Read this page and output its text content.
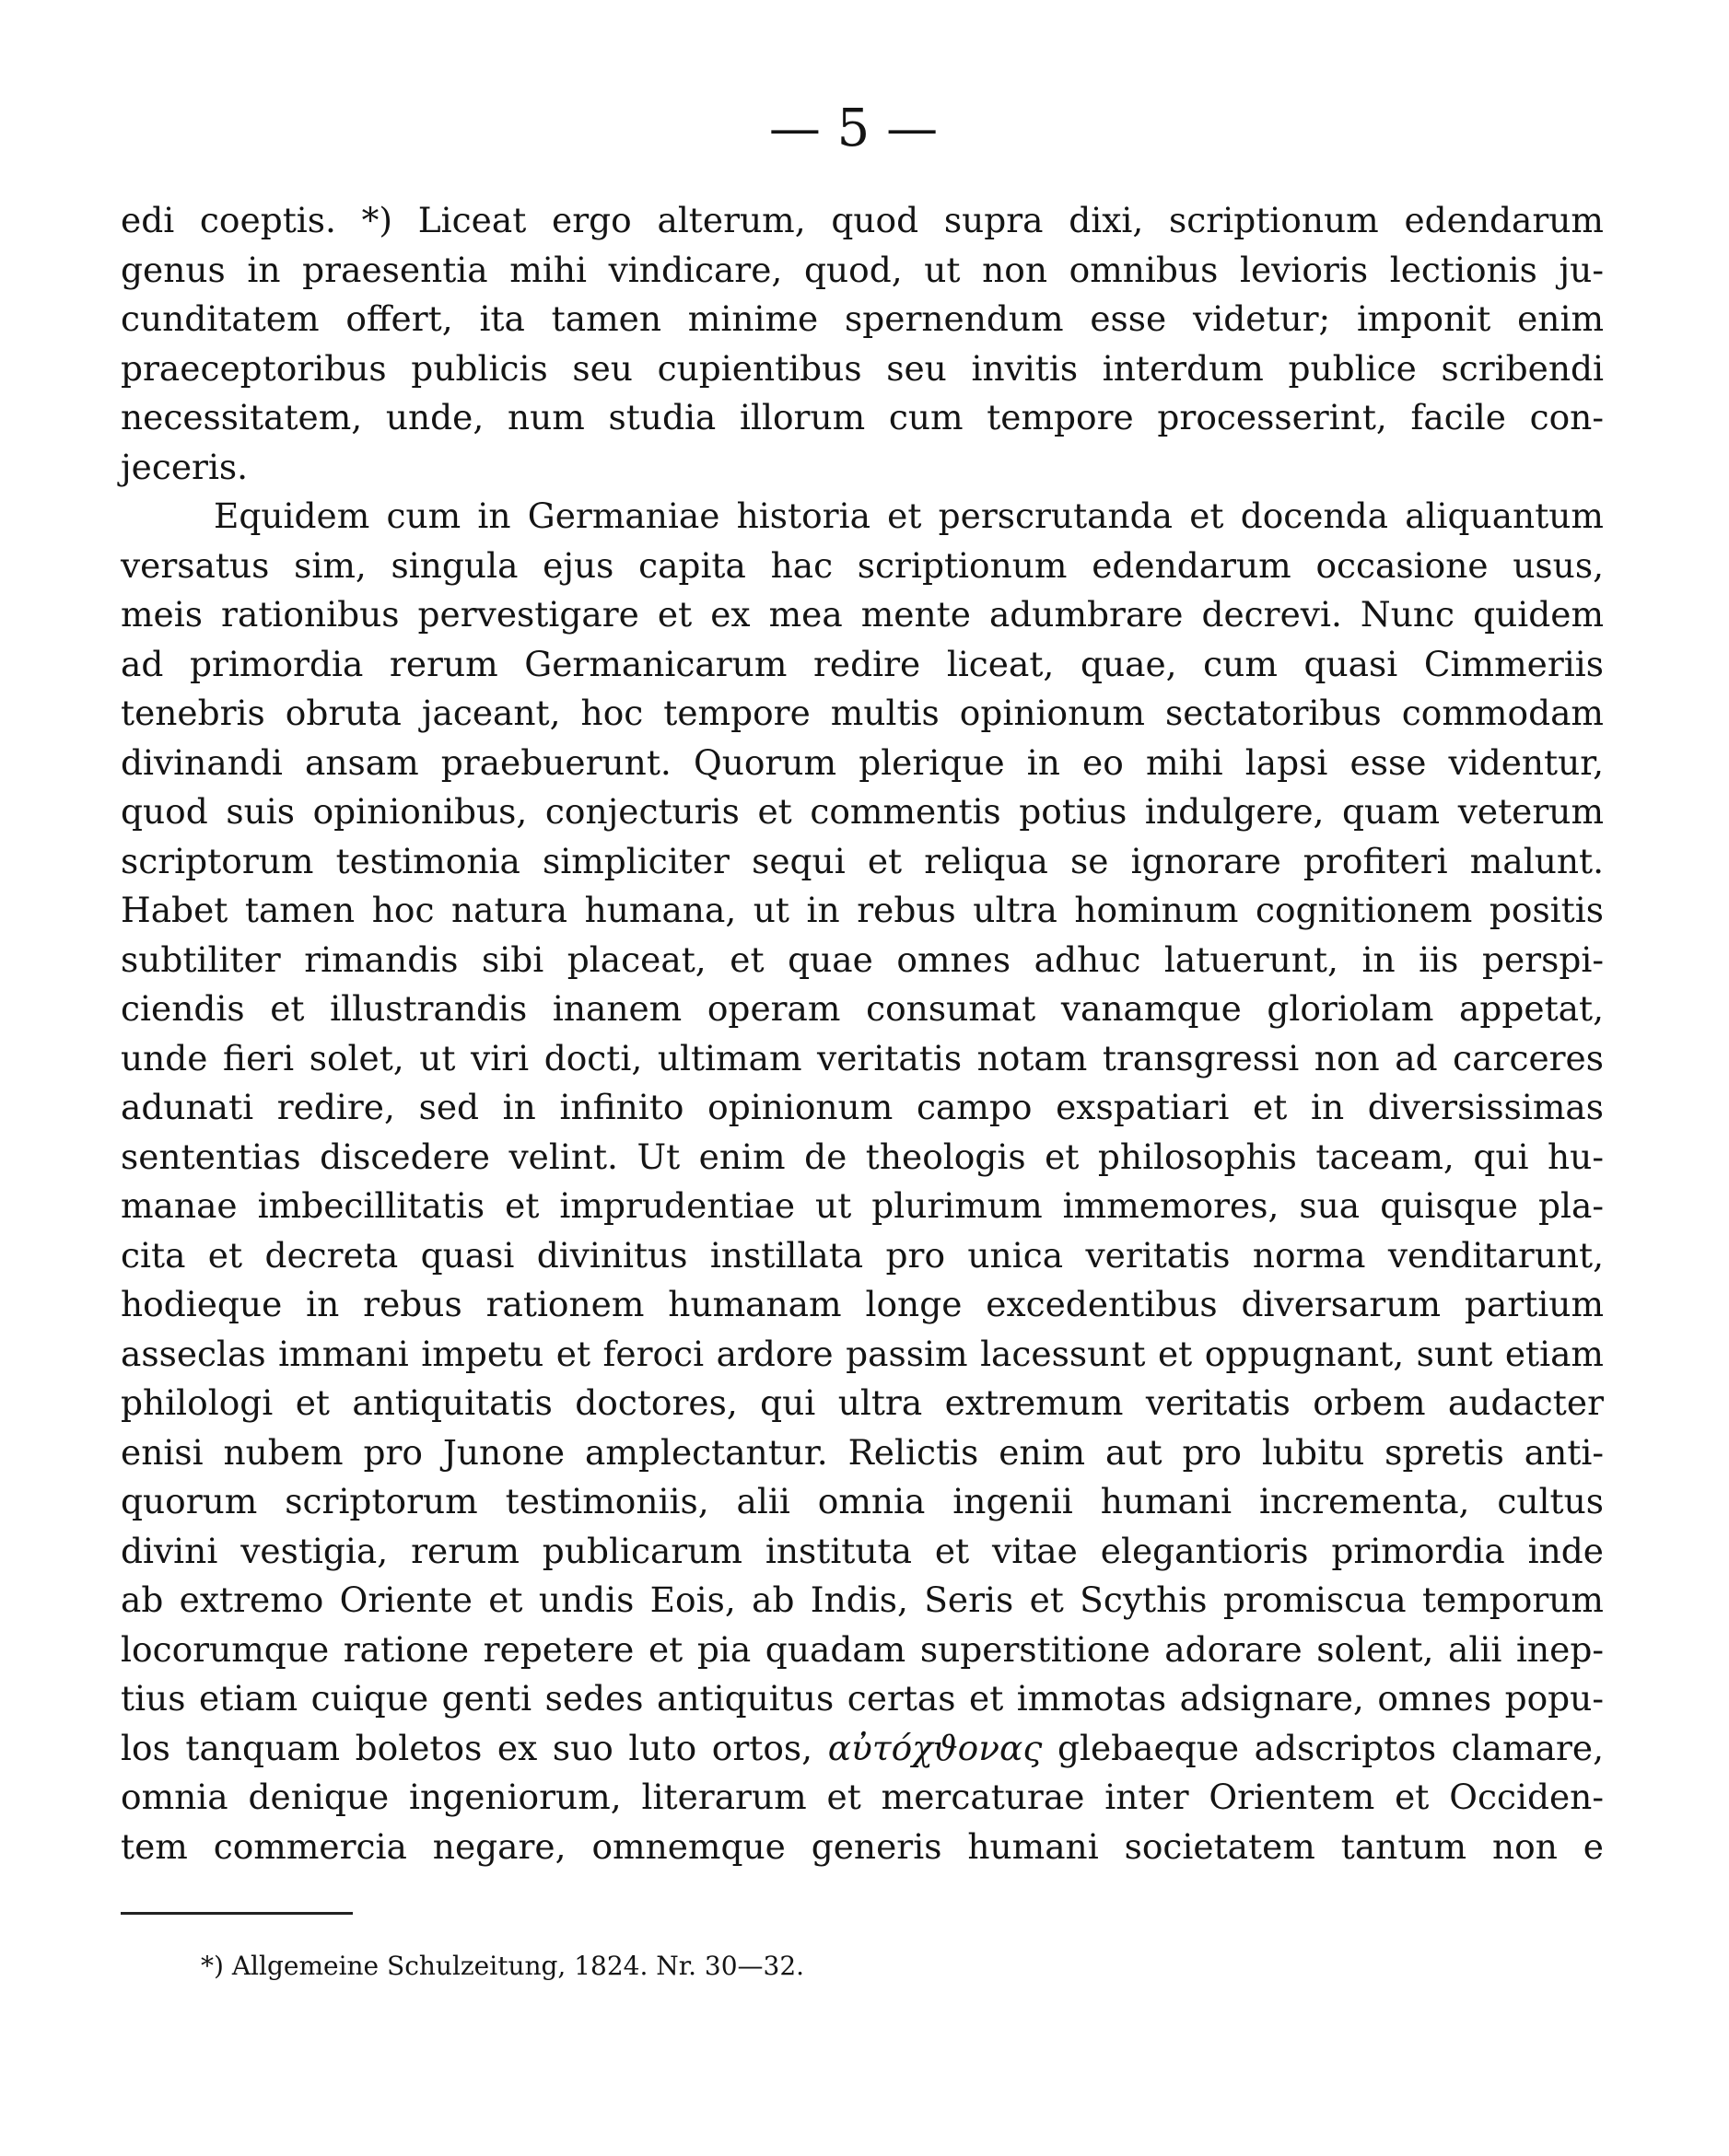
— 5 —
edi coeptis. *) Liceat ergo alterum, quod supra dixi, scriptionum edendarum
genus in praesentia mihi vindicare, quod, ut non omnibus levioris lectionis ju-
cunditatem offert, ita tamen minime spernendum esse videtur; imponit enim
praeceptoribus publicis seu cupientibus seu invitis interdum publice scribendi
necessitatem, unde, num studia illorum cum tempore processerint, facile con-
jeceris.
Equidem cum in Germaniae historia et perscrutanda et docenda aliquantum
versatus sim, singula ejus capita hac scriptionum edendarum occasione usus,
meis rationibus pervestigare et ex mea mente adumbrare decrevi. Nunc quidem
ad primordia rerum Germanicarum redire liceat, quae, cum quasi Cimmeriis
tenebris obruta jaceant, hoc tempore multis opinionum sectatoribus commodam
divinandi ansam praebuerunt. Quorum plerique in eo mihi lapsi esse videntur,
quod suis opinionibus, conjecturis et commentis potius indulgere, quam veterum
scriptorum testimonia simpliciter sequi et reliqua se ignorare profiteri malunt.
Habet tamen hoc natura humana, ut in rebus ultra hominum cognitionem positis
subtiliter rimandis sibi placeat, et quae omnes adhuc latuerunt, in iis perspi-
ciendis et illustrandis inanem operam consumat vanamque gloriolam appetat,
unde fieri solet, ut viri docti, ultimam veritatis notam transgressi non ad carceres
adunati redire, sed in infinito opinionum campo exspatiari et in diversissimas
sententias discedere velint. Ut enim de theologis et philosophis taceam, qui hu-
manae imbecillitatis et imprudentiae ut plurimum immemores, sua quisque pla-
cita et decreta quasi divinitus instillata pro unica veritatis norma venditarunt,
hodieque in rebus rationem humanam longe excedentibus diversarum partium
asseclas immani impetu et feroci ardore passim lacessunt et oppugnant, sunt etiam
philologi et antiquitatis doctores, qui ultra extremum veritatis orbem audacter
enisi nubem pro Junone amplectantur. Relictis enim aut pro lubitu spretis anti-
quorum scriptorum testimoniis, alii omnia ingenii humani incrementa, cultus
divini vestigia, rerum publicarum instituta et vitae elegantioris primordia inde
ab extremo Oriente et undis Eois, ab Indis, Seris et Scythis promiscua temporum
locorumque ratione repetere et pia quadam superstitione adorare solent, alii inep-
tius etiam cuique genti sedes antiquitus certas et immotas adsignare, omnes popu-
los tanquam boletos ex suo luto ortos, αὐτόχϑονας glebaeque adscriptos clamare,
omnia denique ingeniorum, literarum et mercaturae inter Orientem et Occiden-
tem commercia negare, omnemque generis humani societatem tantum non e
*) Allgemeine Schulzeitung, 1824. Nr. 30—32.
